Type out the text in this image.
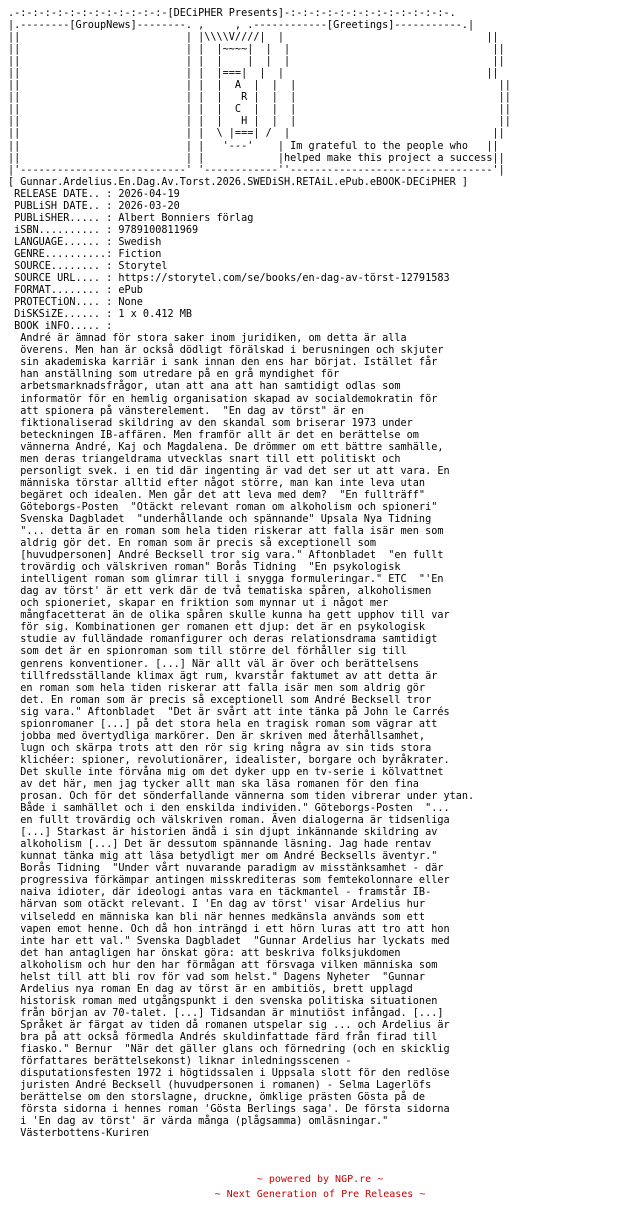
.-:-:-:-:-:-:-:-:-:-:-:-:-[DECiPHER Presents]-:-:-:-:-:-:-:-:-:-:-:-:-:-.
|.--------[GroupNews]--------. ,     , .------------[Greetings]-----------.|
||                           | |\\\\V////|  |                                 ||
||                           | |  |~~~~|  |  |                                 ||
||                           | |  |    |  |  |                                 ||
||                           | |  |===|  |  |                                 ||
||                           | |  |  A  |  |  |                                 ||
||                           | |  |   R |  |  |                                 ||
||                           | |  |  C  |  |  |                                 ||
||                           | |  |   H |  |  |                                 ||
||                           | |  \ |===| /  |                                 ||
||                           | |   '---'    | Im grateful to the people who   ||
||                           | |            |helped make this project a success||
|'---------------------------' '------------''---------------------------------'|
[ Gunnar.Ardelius.En.Dag.Av.Torst.2026.SWEDiSH.RETAiL.ePub.eBOOK-DECiPHER ]
RELEASE DATE.. : 2026-04-19
PUBLiSH DATE.. : 2026-03-20
PUBLiSHER..... : Albert Bonniers förlag
iSBN.......... : 9789100811969
LANGUAGE...... : Swedish
GENRE..........: Fiction
SOURCE........ : Storytel
SOURCE URL.... : https://storytel.com/se/books/en-dag-av-törst-12791583
FORMAT........ : ePub
PROTECTiON.... : None
DiSKSiZE...... : 1 x 0.412 MB
BOOK iNFO..... :
André är ämnad för stora saker inom juridiken, om detta är alla
överens. Men han är också dödligt förälskad i berusningen och skjuter
sin akademiska karriär i sank innan den ens har börjat. Istället får
han anställning som utredare på en grå myndighet för
arbetsmarknadsfrågor, utan att ana att han samtidigt odlas som
informatör för en hemlig organisation skapad av socialdemokratin för
att spionera på vänsterelement.  "En dag av törst" är en
fiktionaliserad skildring av den skandal som briserar 1973 under
beteckningen IB-affären. Men framför allt är det en berättelse om
vännerna André, Kaj och Magdalena. De drömmer om ett bättre samhälle,
men deras triangeldrama utvecklas snart till ett politiskt och
personligt svek. i en tid där ingenting är vad det ser ut att vara. En
människa törstar alltid efter något större, man kan inte leva utan
begäret och idealen. Men går det att leva med dem?  "En fullträff"
Göteborgs-Posten  "Otäckt relevant roman om alkoholism och spioneri"
Svenska Dagbladet  "underhållande och spännande" Upsala Nya Tidning
"... detta är en roman som hela tiden riskerar att falla isär men som
aldrig gör det. En roman som är precis så exceptionell som
[huvudpersonen] André Becksell tror sig vara." Aftonbladet  "en fullt
trovärdig och välskriven roman" Borås Tidning  "En psykologisk
intelligent roman som glimrar till i snygga formuleringar." ETC  "'En
dag av törst' är ett verk där de två tematiska spåren, alkoholismen
och spioneriet, skapar en friktion som mynnar ut i något mer
mångfacetterat än de olika spåren skulle kunna ha gett upphov till var
för sig. Kombinationen ger romanen ett djup: det är en psykologisk
studie av fulländade romanfigurer och deras relationsdrama samtidigt
som det är en spionroman som till större del förhåller sig till
genrens konventioner. [...] När allt väl är över och berättelsens
tillfredsställande klimax ägt rum, kvarstår faktumet av att detta är
en roman som hela tiden riskerar att falla isär men som aldrig gör
det. En roman som är precis så exceptionell som André Becksell tror
sig vara." Aftonbladet  "Det är svårt att inte tänka på John le Carrés
spionromaner [...] på det stora hela en tragisk roman som vägrar att
jobba med övertydliga markörer. Den är skriven med återhållsamhet,
lugn och skärpa trots att den rör sig kring några av sin tids stora
klichéer: spioner, revolutionärer, idealister, borgare och byråkrater.
Det skulle inte förvåna mig om det dyker upp en tv-serie i kölvattnet
av det här, men jag tycker allt man ska läsa romanen för den fina
prosan. Och för det sönderfallande vännerna som tiden vibrerar under ytan.
Både i samhället och i den enskilda individen." Göteborgs-Posten  "...
en fullt trovärdig och välskriven roman. Även dialogerna är tidsenliga
[...] Starkast är historien ändå i sin djupt inkännande skildring av
alkoholism [...] Det är dessutom spännande läsning. Jag hade rentav
kunnat tänka mig att läsa betydligt mer om André Becksells äventyr."
Borås Tidning  "Under vårt nuvarande paradigm av misstänksamhet - där
progressiva förkämpar antingen misskrediteras som femtekolonnare eller
naiva idioter, där ideologi antas vara en täckmantel - framstår IB-
härvan som otäckt relevant. I 'En dag av törst' visar Ardelius hur
vilseledd en människa kan bli när hennes medkänsla används som ett
vapen emot henne. Och då hon inträngd i ett hörn luras att tro att hon
inte har ett val." Svenska Dagbladet  "Gunnar Ardelius har lyckats med
det han antagligen har önskat göra: att beskriva folksjukdomen
alkoholism och hur den har förmågan att försvaga vilken människa som
helst till att bli rov för vad som helst." Dagens Nyheter  "Gunnar
Ardelius nya roman En dag av törst är en ambitiös, brett upplagd
historisk roman med utgångspunkt i den svenska politiska situationen
från början av 70-talet. [...] Tidsandan är minutiöst infångad. [...]
Språket är färgat av tiden då romanen utspelar sig ... och Ardelius är
bra på att också förmedla Andrés skuldinfattade färd från firad till
fiasko." Bernur  "När det gäller glans och förnedring (och en skicklig
författares berättelsekonst) liknar inledningsscenen -
disputationsfesten 1972 i högtidssalen i Uppsala slott för den redlöse
juristen André Becksell (huvudpersonen i romanen) - Selma Lagerlöfs
berättelse om den storslagne, druckne, ömklige prästen Gösta på de
första sidorna i hennes roman 'Gösta Berlings saga'. De första sidorna
i 'En dag av törst' är värda många (plågsamma) omläsningar."
Västerbottens-Kuriren
~ powered by NGP.re ~
~ Next Generation of Pre Releases ~
